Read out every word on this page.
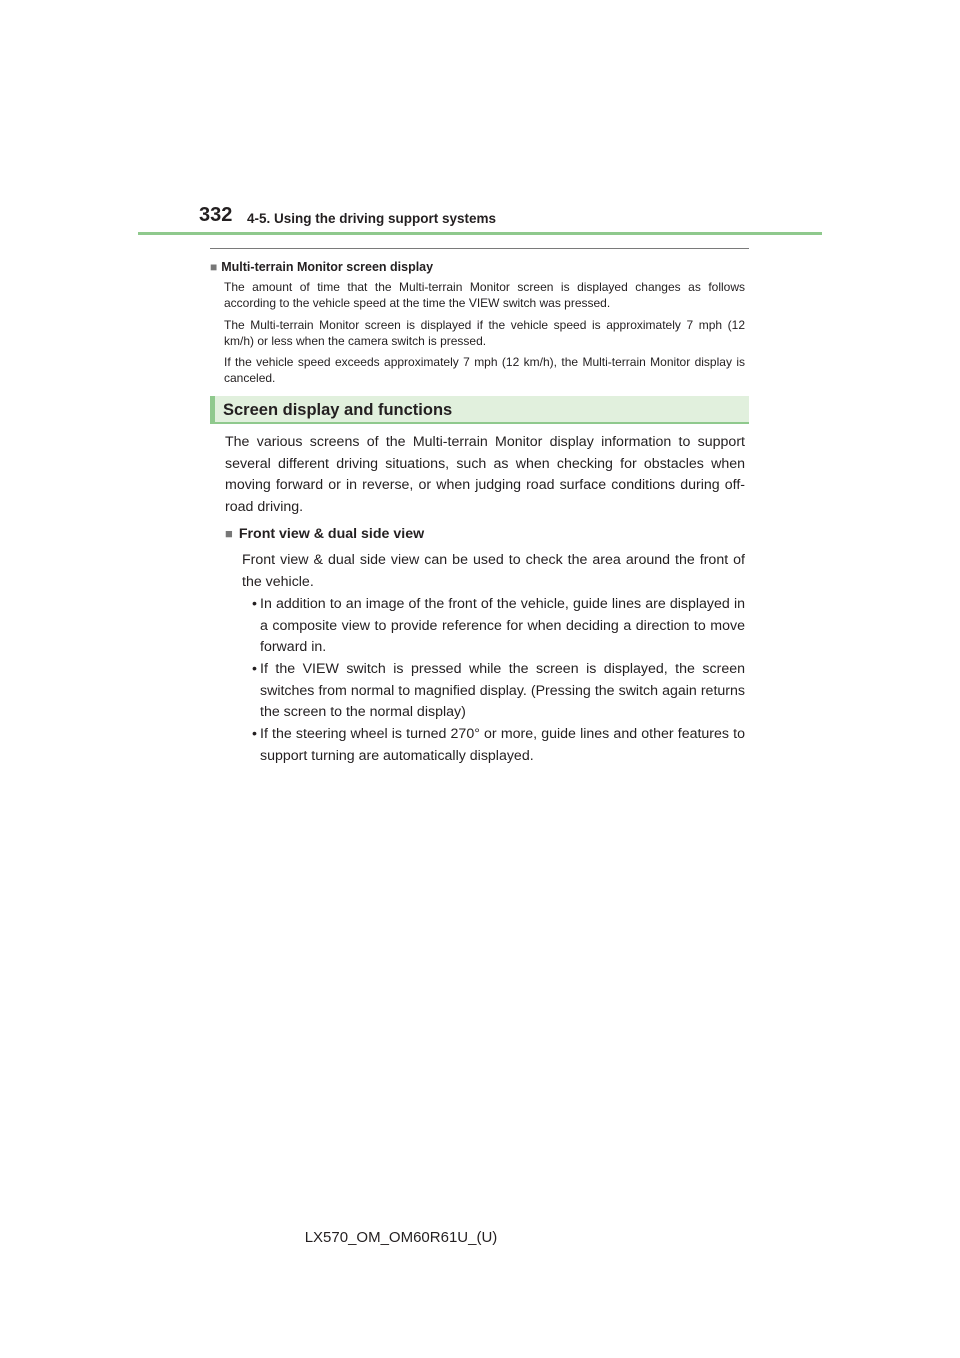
332 4-5. Using the driving support systems
■ Multi-terrain Monitor screen display
The amount of time that the Multi-terrain Monitor screen is displayed changes as follows according to the vehicle speed at the time the VIEW switch was pressed.
The Multi-terrain Monitor screen is displayed if the vehicle speed is approximately 7 mph (12 km/h) or less when the camera switch is pressed.
If the vehicle speed exceeds approximately 7 mph (12 km/h), the Multi-terrain Monitor display is canceled.
Screen display and functions
The various screens of the Multi-terrain Monitor display information to support several different driving situations, such as when checking for obstacles when moving forward or in reverse, or when judging road surface conditions during off-road driving.
■ Front view & dual side view
Front view & dual side view can be used to check the area around the front of the vehicle.
• In addition to an image of the front of the vehicle, guide lines are displayed in a composite view to provide reference for when deciding a direction to move forward in.
• If the VIEW switch is pressed while the screen is displayed, the screen switches from normal to magnified display. (Pressing the switch again returns the screen to the normal display)
• If the steering wheel is turned 270° or more, guide lines and other features to support turning are automatically displayed.
LX570_OM_OM60R61U_(U)
